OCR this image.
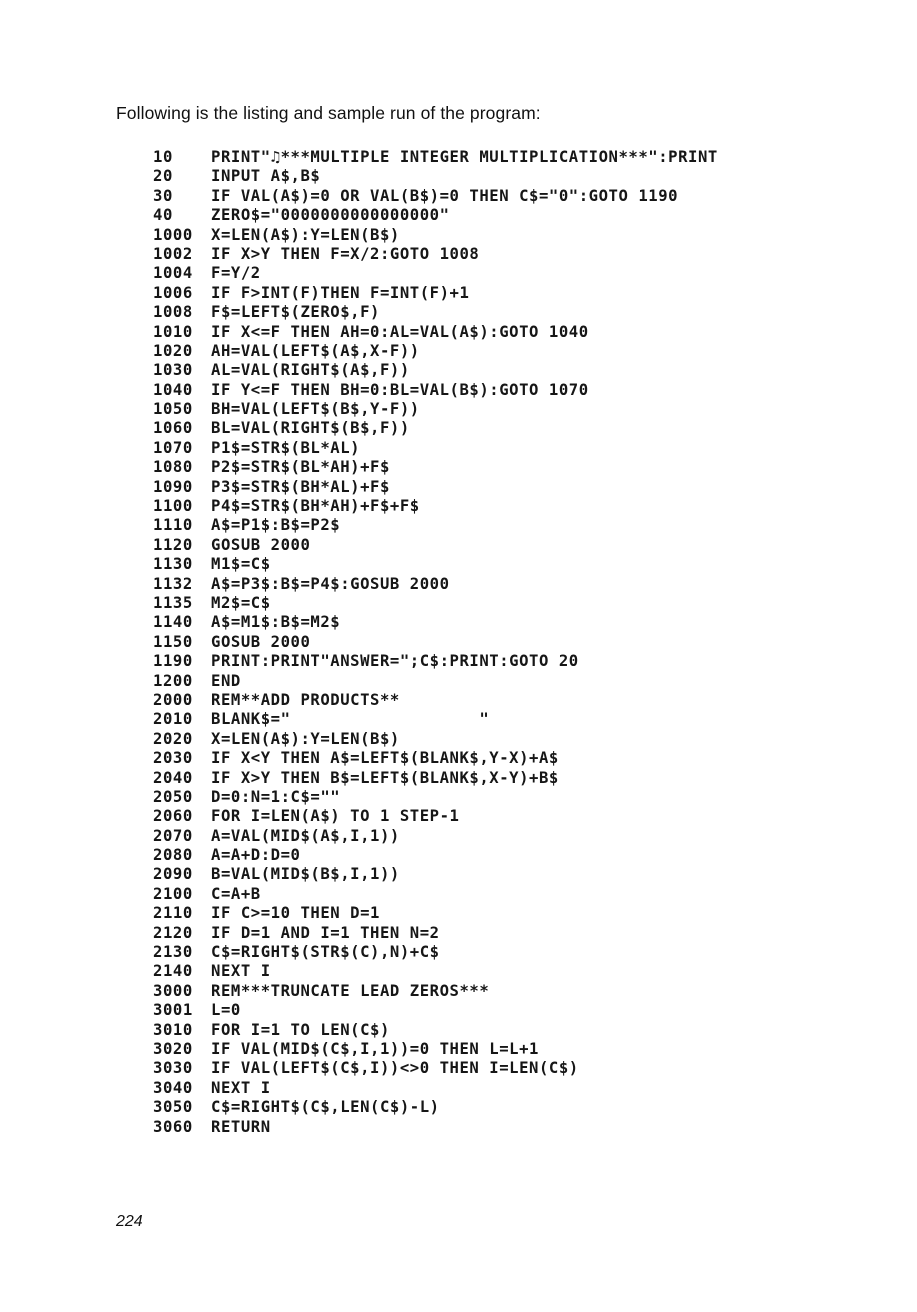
Following is the listing and sample run of the program:

10	PRINT"♫***MULTIPLE INTEGER MULTIPLICATION***":PRINT
20	INPUT A$,B$
30	IF VAL(A$)=0 OR VAL(B$)=0 THEN C$="0":GOTO 1190
40	ZERO$="0000000000000000"
1000	X=LEN(A$):Y=LEN(B$)
1002	IF X>Y THEN F=X/2:GOTO 1008
1004	F=Y/2
1006	IF F>INT(F)THEN F=INT(F)+1
1008	F$=LEFT$(ZERO$,F)
1010	IF X<=F THEN AH=0:AL=VAL(A$):GOTO 1040
1020	AH=VAL(LEFT$(A$,X-F))
1030	AL=VAL(RIGHT$(A$,F))
1040	IF Y<=F THEN BH=0:BL=VAL(B$):GOTO 1070
1050	BH=VAL(LEFT$(B$,Y-F))
1060	BL=VAL(RIGHT$(B$,F))
1070	P1$=STR$(BL*AL)
1080	P2$=STR$(BL*AH)+F$
1090	P3$=STR$(BH*AL)+F$
1100	P4$=STR$(BH*AH)+F$+F$
1110	A$=P1$:B$=P2$
1120	GOSUB 2000
1130	M1$=C$
1132	A$=P3$:B$=P4$:GOSUB 2000
1135	M2$=C$
1140	A$=M1$:B$=M2$
1150	GOSUB 2000
1190	PRINT:PRINT"ANSWER=";C$:PRINT:GOTO 20
1200	END
2000	REM**ADD PRODUCTS**
2010	BLANK$="                   "
2020	X=LEN(A$):Y=LEN(B$)
2030	IF X<Y THEN A$=LEFT$(BLANK$,Y-X)+A$
2040	IF X>Y THEN B$=LEFT$(BLANK$,X-Y)+B$
2050	D=0:N=1:C$=""
2060	FOR I=LEN(A$) TO 1 STEP-1
2070	A=VAL(MID$(A$,I,1))
2080	A=A+D:D=0
2090	B=VAL(MID$(B$,I,1))
2100	C=A+B
2110	IF C>=10 THEN D=1
2120	IF D=1 AND I=1 THEN N=2
2130	C$=RIGHT$(STR$(C),N)+C$
2140	NEXT I
3000	REM***TRUNCATE LEAD ZEROS***
3001	L=0
3010	FOR I=1 TO LEN(C$)
3020	IF VAL(MID$(C$,I,1))=0 THEN L=L+1
3030	IF VAL(LEFT$(C$,I))<>0 THEN I=LEN(C$)
3040	NEXT I
3050	C$=RIGHT$(C$,LEN(C$)-L)
3060	RETURN

224
